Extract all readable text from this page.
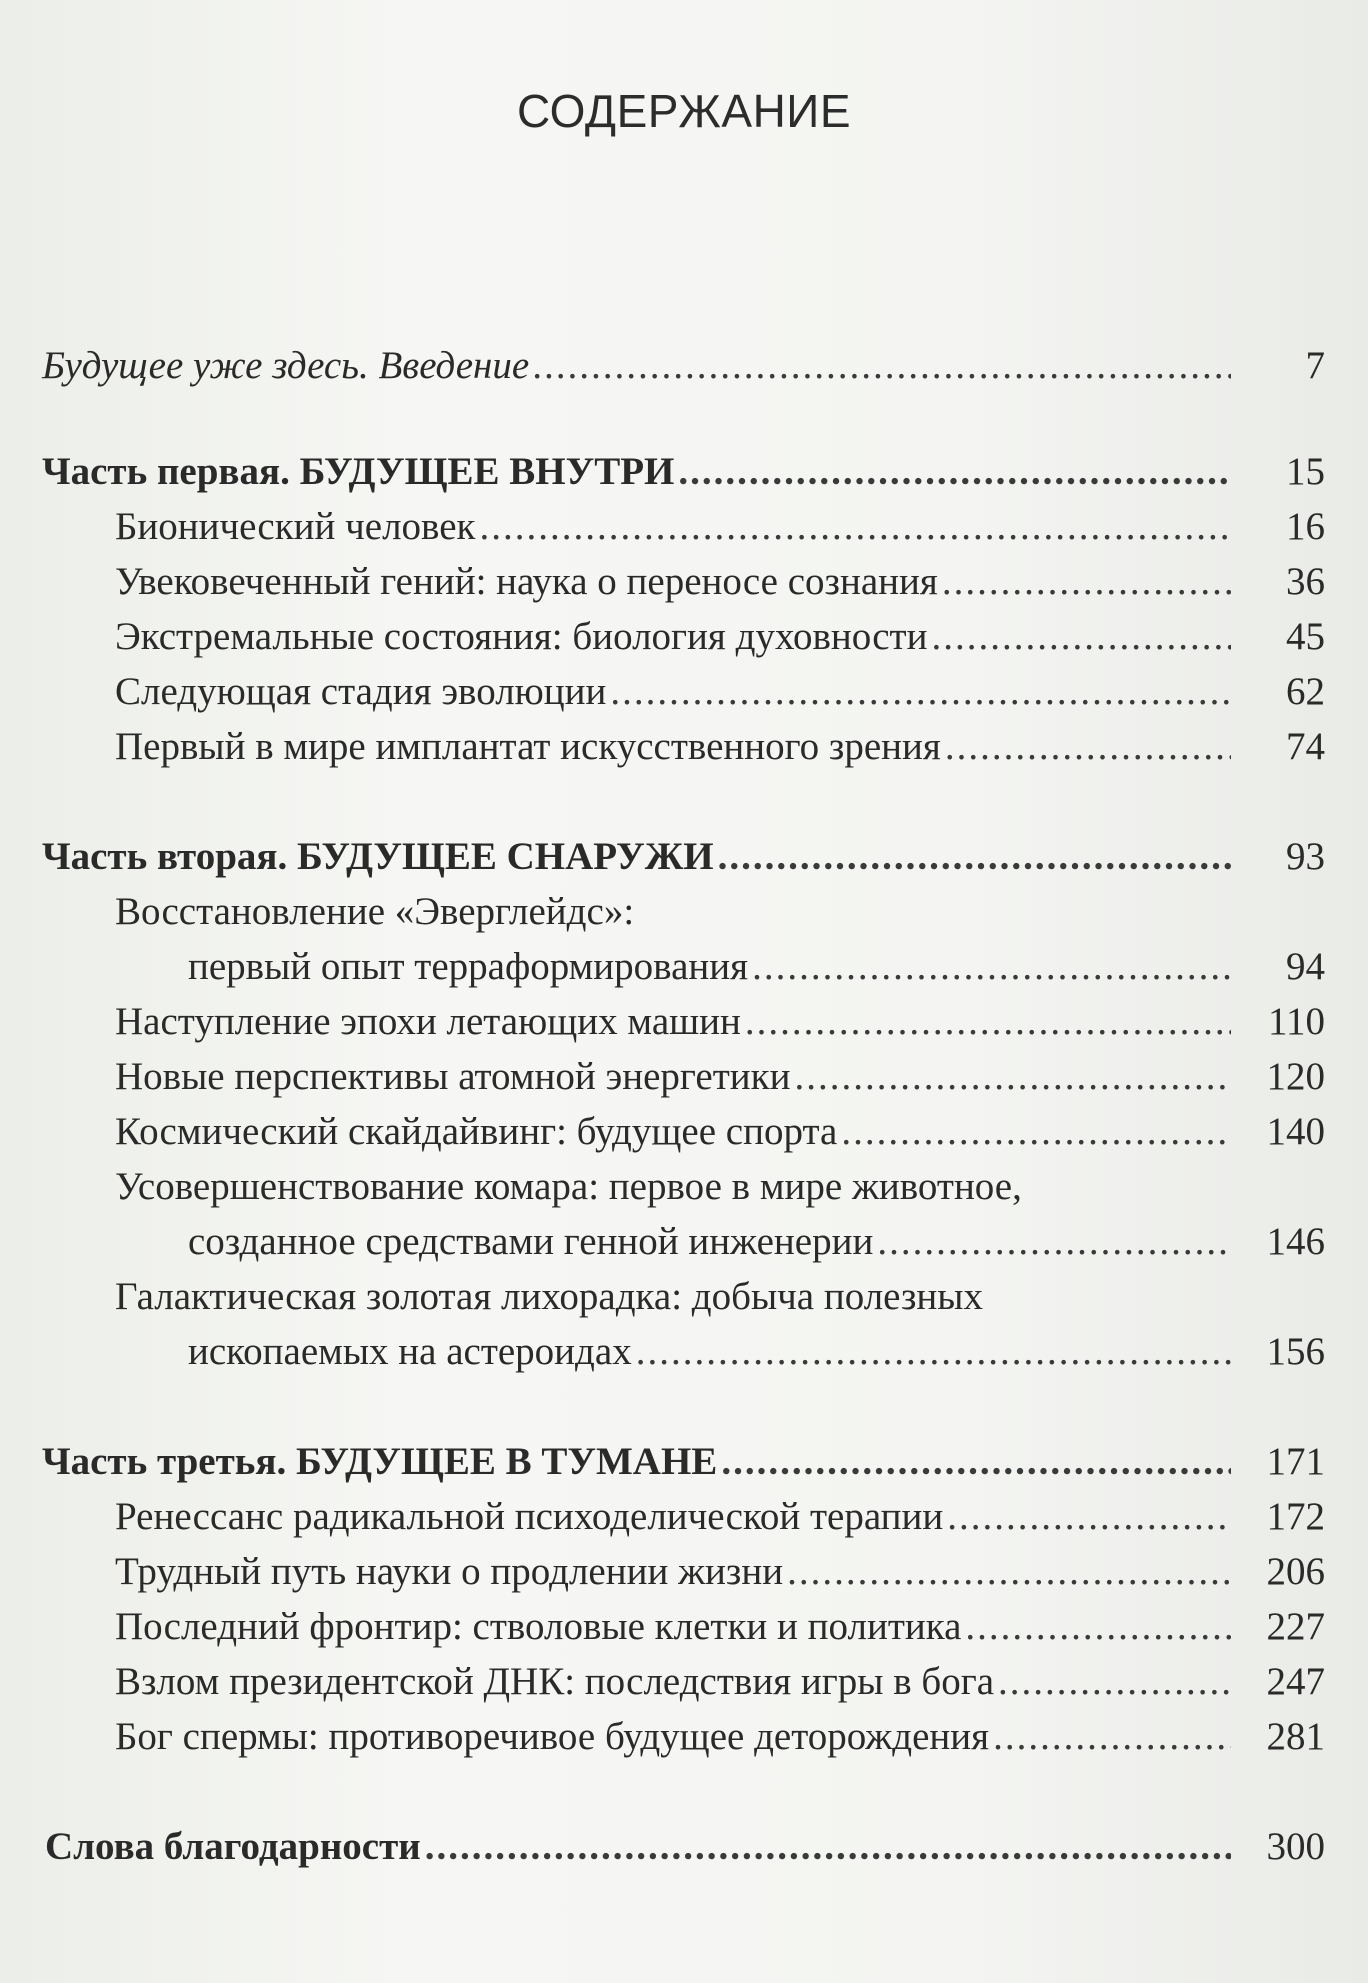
СОДЕРЖАНИЕ
Будущее уже здесь. Введение .....	7
Часть первая. БУДУЩЕЕ ВНУТРИ .....	15
Бионический человек .....	16
Увековеченный гений: наука о переносе сознания .....	36
Экстремальные состояния: биология духовности .....	45
Следующая стадия эволюции .....	62
Первый в мире имплантат искусственного зрения .....	74
Часть вторая. БУДУЩЕЕ СНАРУЖИ .....	93
Восстановление «Эверглейдс»:
первый опыт терраформирования .....	94
Наступление эпохи летающих машин .....	110
Новые перспективы атомной энергетики .....	120
Космический скайдайвинг: будущее спорта .....	140
Усовершенствование комара: первое в мире животное,
созданное средствами генной инженерии .....	146
Галактическая золотая лихорадка: добыча полезных
ископаемых на астероидах .....	156
Часть третья. БУДУЩЕЕ В ТУМАНЕ .....	171
Ренессанс радикальной психоделической терапии .....	172
Трудный путь науки о продлении жизни .....	206
Последний фронтир: стволовые клетки и политика .....	227
Взлом президентской ДНК: последствия игры в бога .....	247
Бог спермы: противоречивое будущее деторождения .....	281
Слова благодарности .....	300
